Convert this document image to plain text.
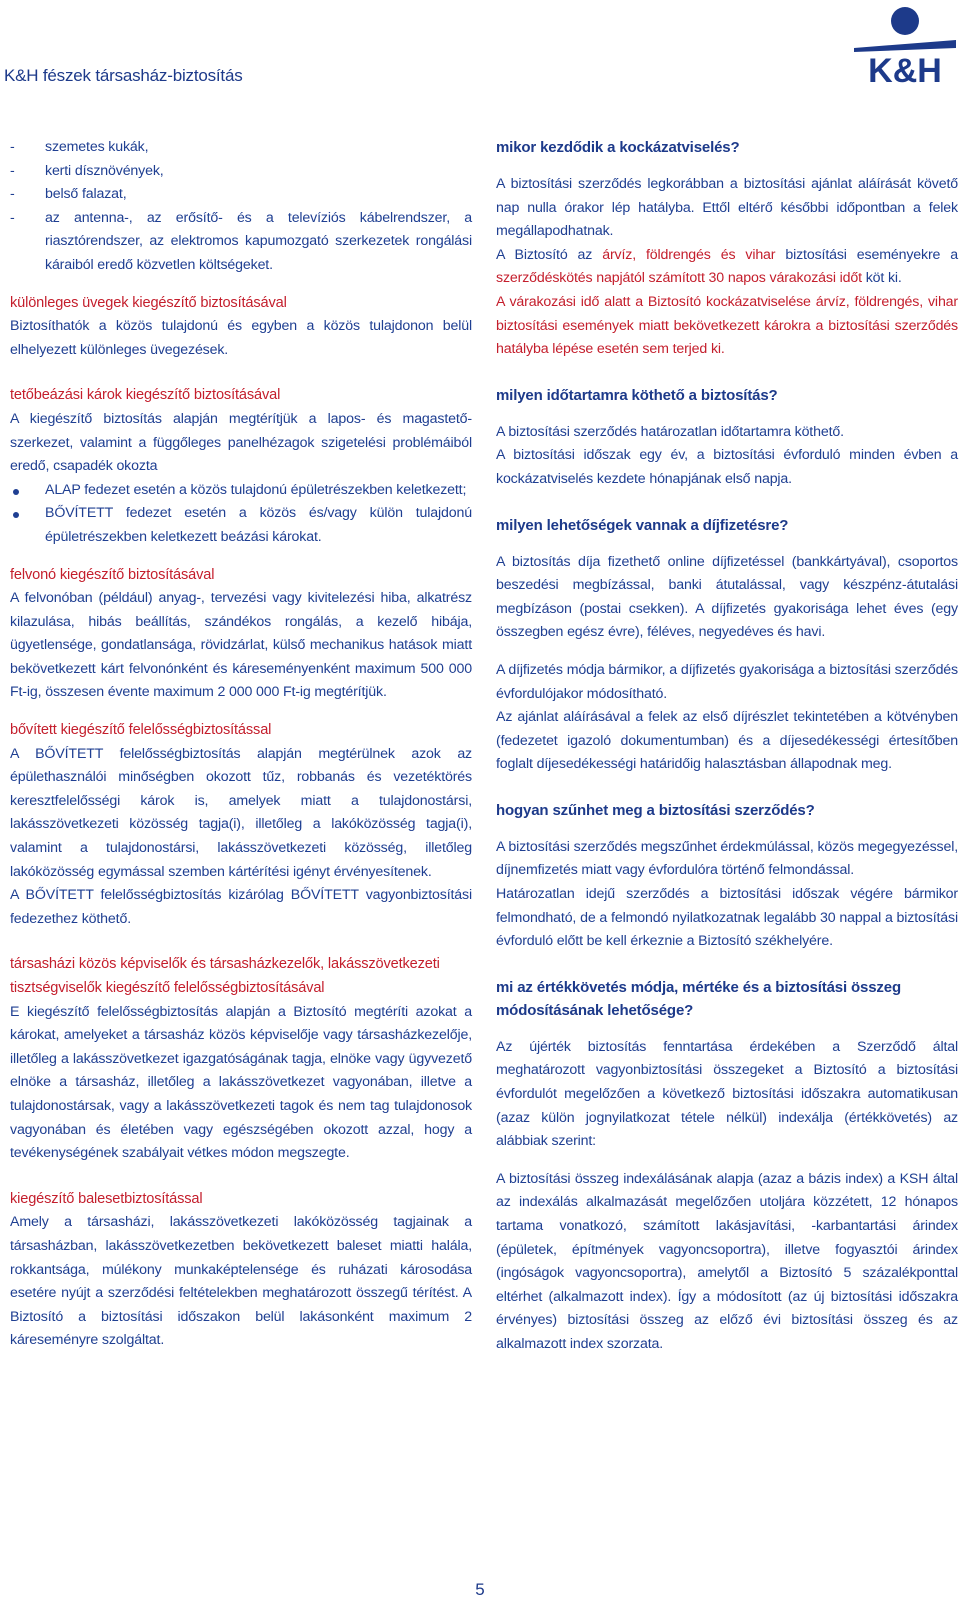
K&H fészek társasház-biztosítás	K&H
- szemetes kukák,
- kerti dísznövények,
- belső falazat,
- az antenna-, az erősítő- és a televíziós kábelrendszer, a riasztórendszer, az elektromos kapumozgató szerkezetek rongálási káraiból eredő közvetlen költségeket.
különleges üvegek kiegészítő biztosításával

Biztosíthatók a közös tulajdonú és egyben a közös tulajdonon belül elhelyezett különleges üvegezések.

tetőbeázási károk kiegészítő biztosításával

A kiegészítő biztosítás alapján megtérítjük a lapos- és magastető-szerkezet, valamint a függőleges panelhézagok szigetelési problémáiból eredő, csapadék okozta

ALAP fedezet esetén a közös tulajdonú épületrészekben keletkezett;
BŐVÍTETT fedezet esetén a közös és/vagy külön tulajdonú épületrészekben keletkezett beázási károkat.
felvonó kiegészítő biztosításával

A felvonóban (például) anyag-, tervezési vagy kivitelezési hiba, alkatrész kilazulása, hibás beállítás, szándékos rongálás, a kezelő hibája, ügyetlensége, gondatlansága, rövidzárlat, külső mechanikus hatások miatt bekövetkezett kárt felvonónként és káreseményenként maximum 500 000 Ft-ig, összesen évente maximum 2 000 000 Ft-ig megtérítjük.

bővített kiegészítő felelősségbiztosítással

A BŐVÍTETT felelősségbiztosítás alapján megtérülnek azok az épülethasználói minőségben okozott tűz, robbanás és vezetéktörés keresztfelelősségi károk is, amelyek miatt a tulajdonostársi, lakásszövetkezeti közösség tagja(i), illetőleg a lakóközösség tagja(i), valamint a tulajdonostársi, lakásszövetkezeti közösség, illetőleg lakóközösség egymással szemben kártérítési igényt érvényesítenek.

A BŐVÍTETT felelősségbiztosítás kizárólag BŐVÍTETT vagyonbiztosítási fedezethez köthető.

társasházi közös képviselők és társasházkezelők, lakásszövetkezeti tisztségviselők kiegészítő felelősségbiztosításával

E kiegészítő felelősségbiztosítás alapján a Biztosító megtéríti azokat a károkat, amelyeket a társasház közös képviselője vagy társasházkezelője, illetőleg a lakásszövetkezet igazgatóságának tagja, elnöke vagy ügyvezető elnöke a társasház, illetőleg a lakásszövetkezet vagyonában, illetve a tulajdonostársak, vagy a lakásszövetkezeti tagok és nem tag tulajdonosok vagyonában és életében vagy egészségében okozott azzal, hogy a tevékenységének szabályait vétkes módon megszegte.

kiegészítő balesetbiztosítással

Amely a társasházi, lakásszövetkezeti lakóközösség tagjainak a társasházban, lakásszövetkezetben bekövetkezett baleset miatti halála, rokkantsága, múlékony munkaképtelensége és ruházati károsodása esetére nyújt a szerződési feltételekben meghatározott összegű térítést. A Biztosító a biztosítási időszakon belül lakásonként maximum 2 káreseményre szolgáltat.

mikor kezdődik a kockázatviselés?

A biztosítási szerződés legkorábban a biztosítási ajánlat aláírását követő nap nulla órakor lép hatályba. Ettől eltérő későbbi időpontban a felek megállapodhatnak.

A Biztosító az árvíz, földrengés és vihar biztosítási eseményekre a szerződéskötés napjától számított 30 napos várakozási időt köt ki.

A várakozási idő alatt a Biztosító kockázatviselése árvíz, földrengés, vihar biztosítási események miatt bekövetkezett károkra a biztosítási szerződés hatályba lépése esetén sem terjed ki.

milyen időtartamra köthető a biztosítás?

A biztosítási szerződés határozatlan időtartamra köthető.

A biztosítási időszak egy év, a biztosítási évforduló minden évben a kockázatviselés kezdete hónapjának első napja.

milyen lehetőségek vannak a díjfizetésre?

A biztosítás díja fizethető online díjfizetéssel (bankkártyával), csoportos beszedési megbízással, banki átutalással, vagy készpénz-átutalási megbízáson (postai csekken). A díjfizetés gyakorisága lehet éves (egy összegben egész évre), féléves, negyedéves és havi.

A díjfizetés módja bármikor, a díjfizetés gyakorisága a biztosítási szerződés évfordulójakor módosítható.

Az ajánlat aláírásával a felek az első díjrészlet tekintetében a kötvényben (fedezetet igazoló dokumentumban) és a díjesedékességi értesítőben foglalt díjesedékességi határidőig halasztásban állapodnak meg.

hogyan szűnhet meg a biztosítási szerződés?

A biztosítási szerződés megszűnhet érdekmúlással, közös megegyezéssel, díjnemfizetés miatt vagy évfordulóra történő felmondással.

Határozatlan idejű szerződés a biztosítási időszak végére bármikor felmondható, de a felmondó nyilatkozatnak legalább 30 nappal a biztosítási évforduló előtt be kell érkeznie a Biztosító székhelyére.

mi az értékkövetés módja, mértéke és a biztosítási összeg módosításának lehetősége?

Az újérték biztosítás fenntartása érdekében a Szerződő által meghatározott vagyonbiztosítási összegeket a Biztosító a biztosítási évfordulót megelőzően a következő biztosítási időszakra automatikusan (azaz külön jognyilatkozat tétele nélkül) indexálja (értékkövetés) az alábbiak szerint:

A biztosítási összeg indexálásának alapja (azaz a bázis index) a KSH által az indexálás alkalmazását megelőzően utoljára közzétett, 12 hónapos tartama vonatkozó, számított lakásjavítási, -karbantartási árindex (épületek, építmények vagyoncsoportra), illetve fogyasztói árindex (ingóságok vagyoncsoportra), amelytől a Biztosító 5 százalékponttal eltérhet (alkalmazott index). Így a módosított (az új biztosítási időszakra érvényes) biztosítási összeg az előző évi biztosítási összeg és az alkalmazott index szorzata.

5
